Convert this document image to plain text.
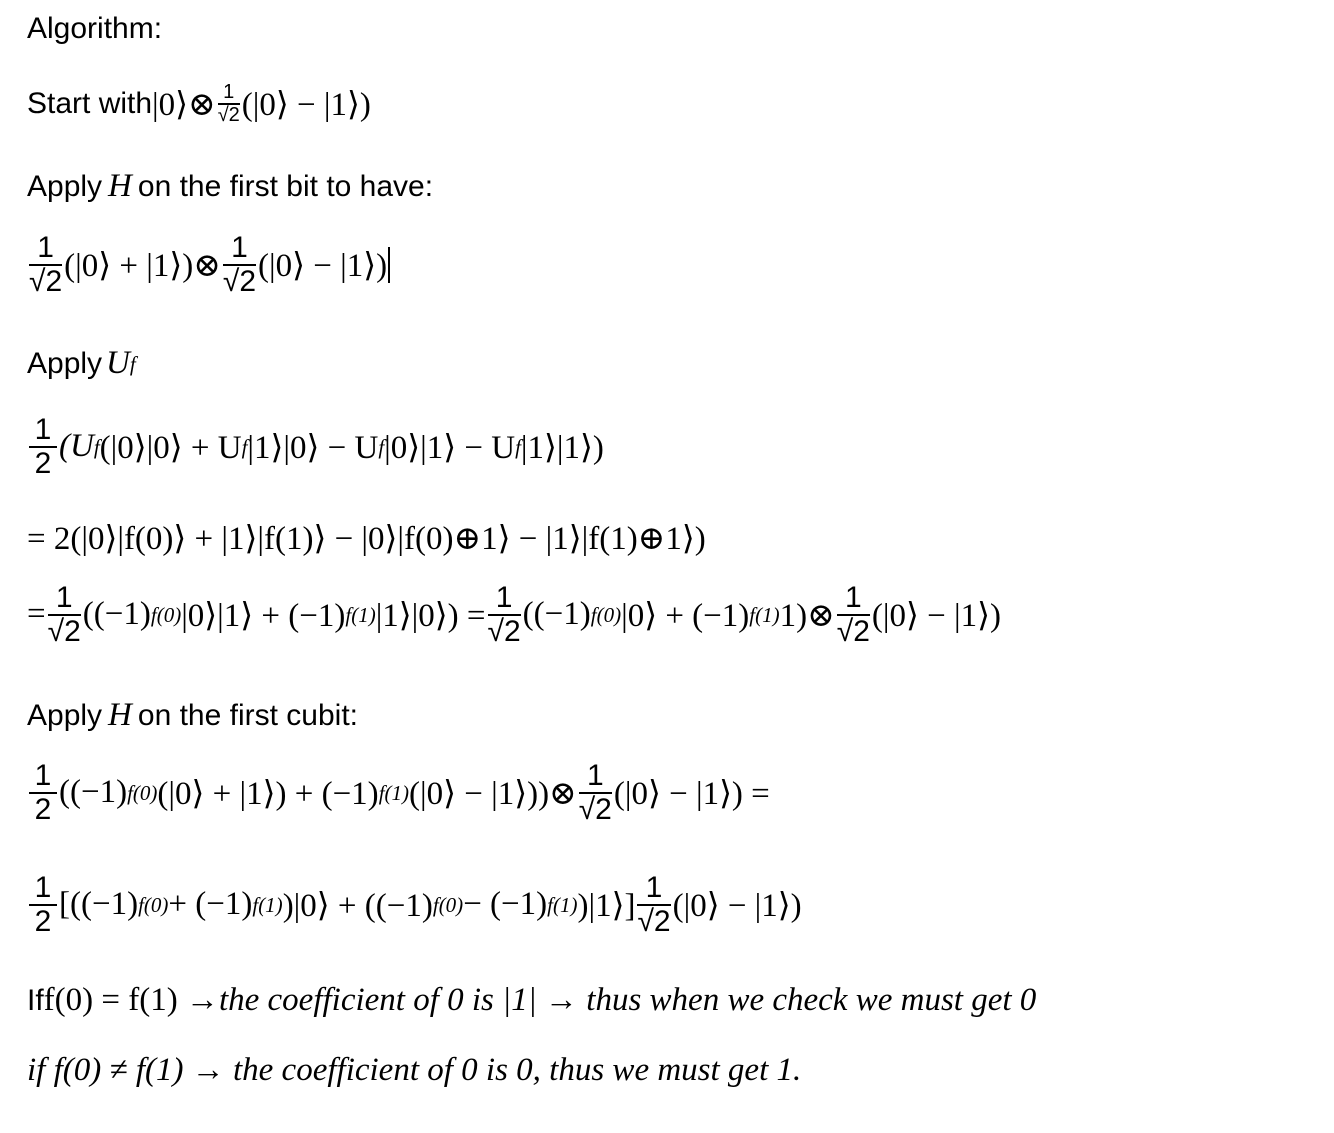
Algorithm:
Start with |0⟩⊗ $\frac{1}{√2}$ (|0⟩ − |1⟩)
Apply H on the first bit to have:
$\frac{1}{√2}$ (|0⟩ + |1⟩)⊗ $\frac{1}{√2}$ (|0⟩ − |1⟩)
Apply U f
$\frac{1}{2} (U$ f (|0⟩|0⟩ + U f |1⟩|0⟩ − U f |0⟩|1⟩ − U f |1⟩|1⟩)
= 2(|0⟩|f(0)⟩ + |1⟩|f(1)⟩ − |0⟩|f(0)⊕1⟩ − |1⟩|f(1)⊕1⟩)
= $\frac{1}{√2} ((-1)$ f(0) |0⟩|1⟩ + (−1) f(1) |1⟩|0⟩) = $\frac{1}{√2} ((-1)$ f(0) |0⟩ + (−1) f(1) 1)⊗ $\frac{1}{√2}$ (|0⟩ − |1⟩)
Apply H on the first cubit:
$\frac{1}{2} ((-1)$ f(0) (|0⟩ + |1⟩) + (−1) f(1) (|0⟩ − |1⟩))⊗ $\frac{1}{√2}$ (|0⟩ − |1⟩) =
$\frac{1}{2} [((-1) f(0) + (-1)$ f(1) )|0⟩ + ((−1) f(0) − (−1) f(1) )|1⟩] $\frac{1}{√2}$ (|0⟩ − |1⟩)
If f(0) = f(1) → the coefficient of 0 is |1| → thus when we check we must get 0
if f(0) ≠ f(1) → the coefficient of 0 is 0, thus we must get 1.
